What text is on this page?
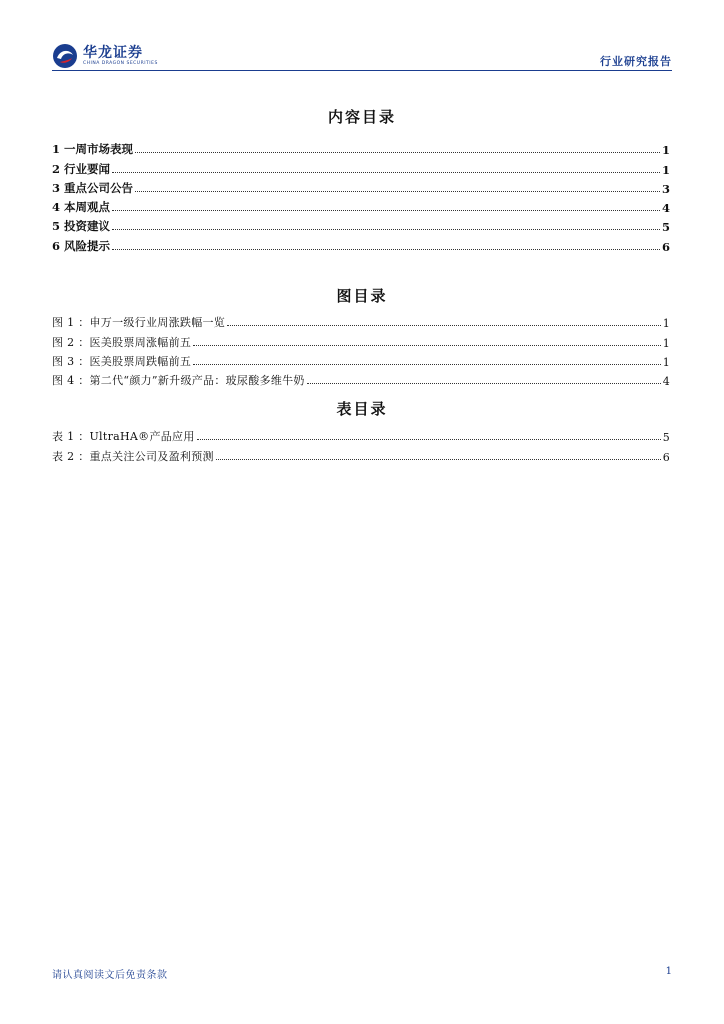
华龙证券
CHINA DRAGON SECURITIES	行业研究报告
内容目录
1 一周市场表现	1
2 行业要闻	1
3 重点公司公告	3
4 本周观点	4
5 投资建议	5
6 风险提示	6
图目录
图 1 ：申万一级行业周涨跌幅一览	1
图 2 ：医美股票周涨幅前五	1
图 3 ：医美股票周跌幅前五	1
图 4 ：第二代“颜力”新升级产品：玻尿酸多维牛奶	4
表目录
表 1 ：UltraHA®产品应用	5
表 2 ：重点关注公司及盈利预测	6
请认真阅读文后免责条款	1
